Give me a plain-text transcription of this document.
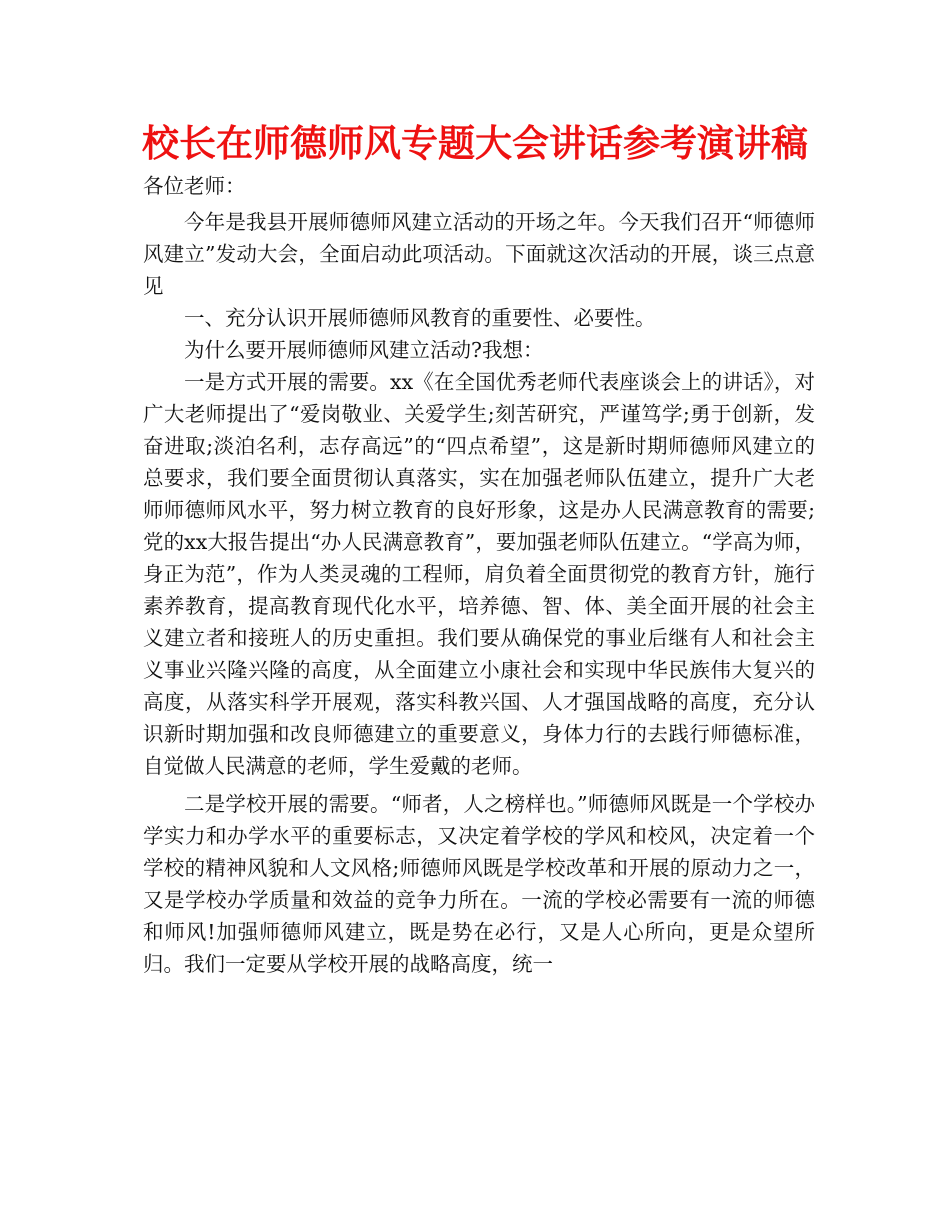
校长在师德师风专题大会讲话参考演讲稿

各位老师：

今年是我县开展师德师风建立活动的开场之年。今天我们召开“师德师风建立”发动大会，全面启动此项活动。下面就这次活动的开展，谈三点意见

一、充分认识开展师德师风教育的重要性、必要性。

为什么要开展师德师风建立活动?我想：

一是方式开展的需要。xx《在全国优秀老师代表座谈会上的讲话》，对广大老师提出了“爱岗敬业、关爱学生;刻苦研究，严谨笃学;勇于创新，发奋进取;淡泊名利，志存高远”的“四点希望”，这是新时期师德师风建立的总要求，我们要全面贯彻认真落实，实在加强老师队伍建立，提升广大老师师德师风水平，努力树立教育的良好形象，这是办人民满意教育的需要;党的xx大报告提出“办人民满意教育”，要加强老师队伍建立。“学高为师，身正为范”，作为人类灵魂的工程师，肩负着全面贯彻党的教育方针，施行素养教育，提高教育现代化水平，培养德、智、体、美全面开展的社会主义建立者和接班人的历史重担。我们要从确保党的事业后继有人和社会主义事业兴隆兴隆的高度，从全面建立小康社会和实现中华民族伟大复兴的高度，从落实科学开展观，落实科教兴国、人才强国战略的高度，充分认识新时期加强和改良师德建立的重要意义，身体力行的去践行师德标准，自觉做人民满意的老师，学生爱戴的老师。

二是学校开展的需要。“师者，人之榜样也。”师德师风既是一个学校办学实力和办学水平的重要标志，又决定着学校的学风和校风，决定着一个学校的精神风貌和人文风格;师德师风既是学校改革和开展的原动力之一，又是学校办学质量和效益的竞争力所在。一流的学校必需要有一流的师德和师风!加强师德师风建立，既是势在必行，又是人心所向，更是众望所归。我们一定要从学校开展的战略高度，统一
